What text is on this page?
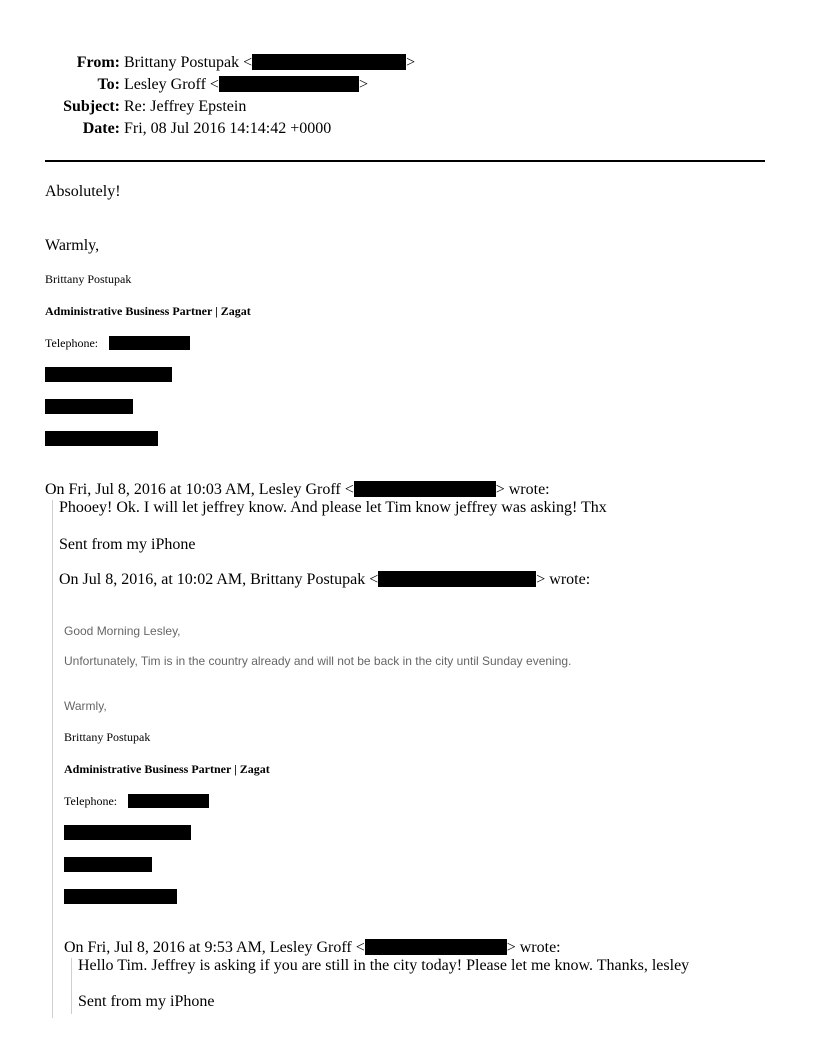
From: Brittany Postupak <	>
To: Lesley Groff <	>
Subject: Re: Jeffrey Epstein
Date: Fri, 08 Jul 2016 14:14:42 +0000
Absolutely!
Warmly,
Brittany Postupak
Administrative Business Partner | Zagat
Telephone:
On Fri, Jul 8, 2016 at 10:03 AM, Lesley Groff <	> wrote:
Phooey! Ok. I will let jeffrey know. And please let Tim know jeffrey was asking! Thx
Sent from my iPhone
On Jul 8, 2016, at 10:02 AM, Brittany Postupak <	> wrote:
Good Morning Lesley,
Unfortunately, Tim is in the country already and will not be back in the city until Sunday evening.
Warmly,
Brittany Postupak
Administrative Business Partner | Zagat
Telephone:
On Fri, Jul 8, 2016 at 9:53 AM, Lesley Groff <	> wrote:
Hello Tim. Jeffrey is asking if you are still in the city today! Please let me know. Thanks, lesley
Sent from my iPhone
